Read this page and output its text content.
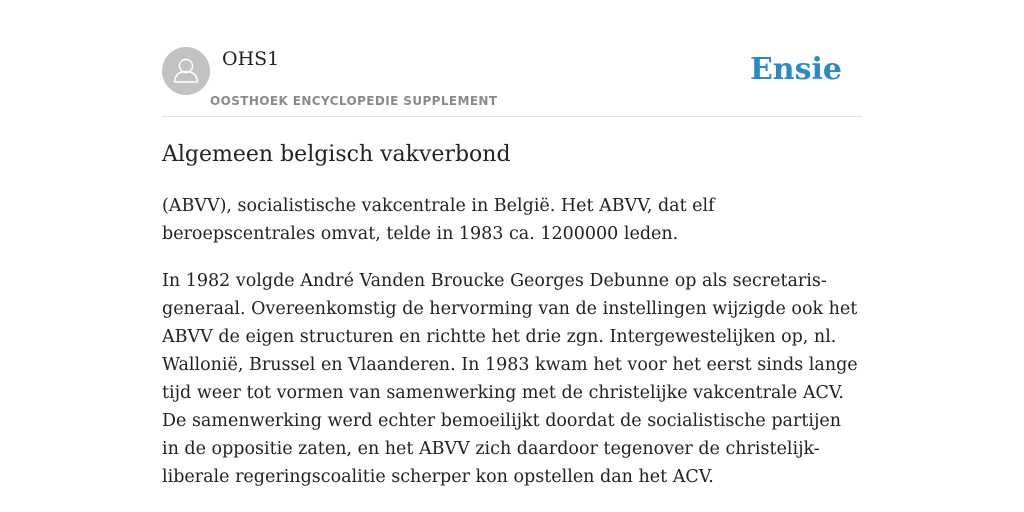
OHS1
OOSTHOEK ENCYCLOPEDIE SUPPLEMENT
Ensie
Algemeen belgisch vakverbond

(ABVV), socialistische vakcentrale in België. Het ABVV, dat elf beroepscentrales omvat, telde in 1983 ca. 1200000 leden.

In 1982 volgde André Vanden Broucke Georges Debunne op als secretaris-generaal. Overeenkomstig de hervorming van de instellingen wijzigde ook het ABVV de eigen structuren en richtte het drie zgn. Intergewestelijken op, nl. Wallonië, Brussel en Vlaanderen. In 1983 kwam het voor het eerst sinds lange tijd weer tot vormen van samenwerking met de christelijke vakcentrale ACV. De samenwerking werd echter bemoeilijkt doordat de socialistische partijen in de oppositie zaten, en het ABVV zich daardoor tegenover de christelijk-liberale regeringscoalitie scherper kon opstellen dan het ACV.
